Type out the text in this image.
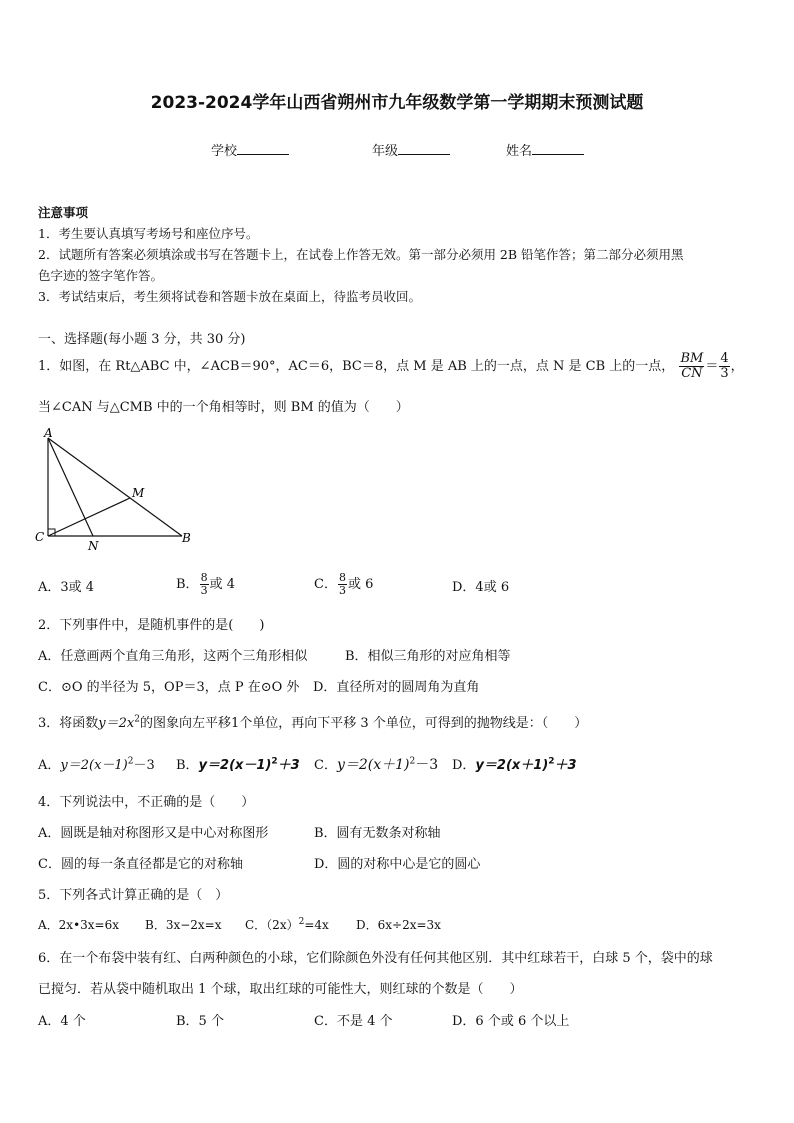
2023-2024学年山西省朔州市九年级数学第一学期期末预测试题
学校	年级	姓名
注意事项
1．考生要认真填写考场号和座位序号。
2．试题所有答案必须填涂或书写在答题卡上，在试卷上作答无效。第一部分必须用 2B 铅笔作答；第二部分必须用黑
色字迹的签字笔作答。
3．考试结束后，考生须将试卷和答题卡放在桌面上，待监考员收回。
一、选择题(每小题 3 分，共 30 分)
1．如图，在 Rt△ABC 中，∠ACB＝90°，AC＝6，BC＝8，点 M 是 AB 上的一点，点 N 是 CB 上的一点， $\frac{BM}{CN} = \frac{4}{3}$ ，
当∠CAN 与△CMB 中的一个角相等时，则 BM 的值为（　　）
A
C	B
M
N
A．3或 4	B． $\frac{8}{3}$ 或 4	C． $\frac{8}{3}$ 或 6	D．4或 6
2．下列事件中，是随机事件的是(　　)
A．任意画两个直角三角形，这两个三角形相似	B．相似三角形的对应角相等
C．⊙O 的半径为 5，OP＝3，点 P 在⊙O 外 D．直径所对的圆周角为直角
3．将函数$y=2x^2$的图象向左平移1个单位，再向下平移 3 个单位，可得到的抛物线是：（　　）
A．$y=2(x-1)^2-3$ B．$y=2(x-1)^2+3$ C．$y=2(x+1)^2-3$ D．$y=2(x+1)^2+3$
4．下列说法中，不正确的是（　　）
A．圆既是轴对称图形又是中心对称图形	B．圆有无数条对称轴
C．圆的每一条直径都是它的对称轴	D．圆的对称中心是它的圆心
5．下列各式计算正确的是（　）
A．2x•3x=6x B．3x−2x=x C．$(2x)^2=4x$ D．6x÷2x=3x
6．在一个布袋中装有红、白两种颜色的小球，它们除颜色外没有任何其他区别．其中红球若干，白球 5 个，袋中的球
已搅匀．若从袋中随机取出 1 个球，取出红球的可能性大，则红球的个数是（　　）
A．4 个	B．5 个	C．不是 4 个	D．6 个或 6 个以上
